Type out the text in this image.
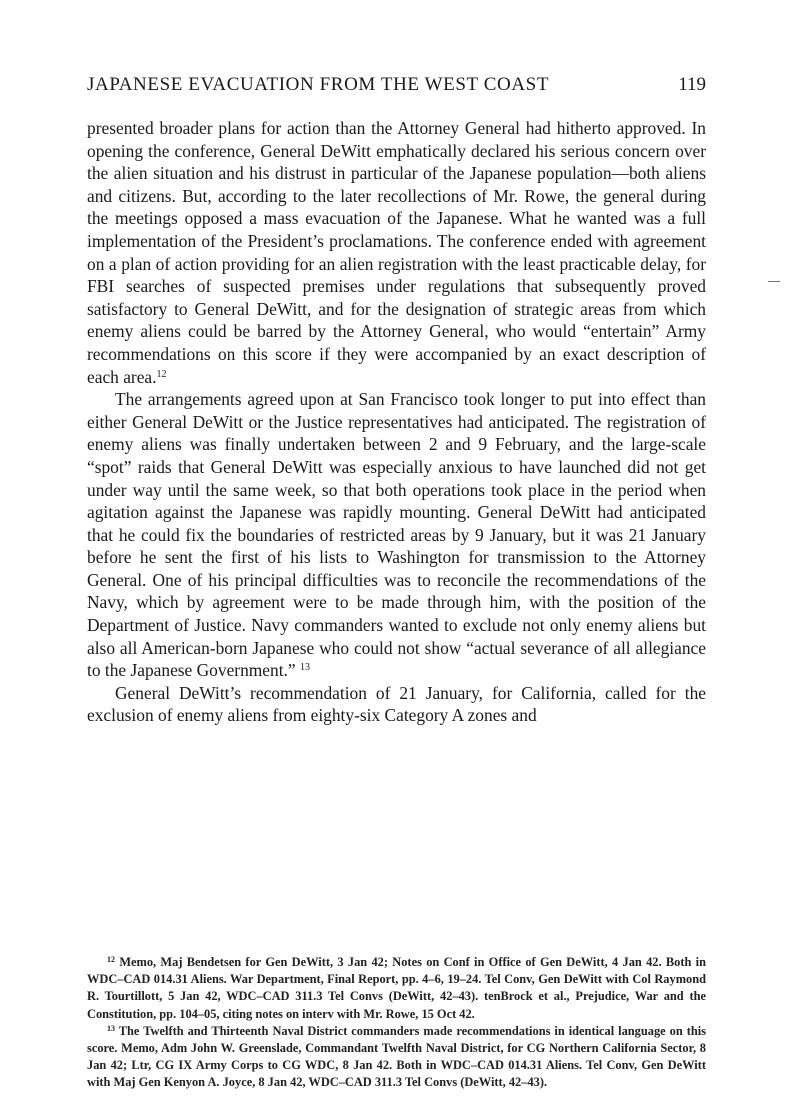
JAPANESE EVACUATION FROM THE WEST COAST	119

presented broader plans for action than the Attorney General had hitherto approved. In opening the conference, General DeWitt emphatically declared his serious concern over the alien situation and his distrust in particular of the Japanese population—both aliens and citizens. But, according to the later recollections of Mr. Rowe, the general during the meetings opposed a mass evacuation of the Japanese. What he wanted was a full implementation of the President’s proclamations. The conference ended with agreement on a plan of action providing for an alien registration with the least practicable delay, for FBI searches of suspected premises under regulations that subsequently proved satisfactory to General DeWitt, and for the designation of strategic areas from which enemy aliens could be barred by the Attorney General, who would “entertain” Army recommendations on this score if they were accompanied by an exact description of each area.$^{12}$

The arrangements agreed upon at San Francisco took longer to put into effect than either General DeWitt or the Justice representatives had anticipated. The registration of enemy aliens was finally undertaken between 2 and 9 February, and the large-scale “spot” raids that General DeWitt was especially anxious to have launched did not get under way until the same week, so that both operations took place in the period when agitation against the Japanese was rapidly mounting. General DeWitt had anticipated that he could fix the boundaries of restricted areas by 9 January, but it was 21 January before he sent the first of his lists to Washington for transmission to the Attorney General. One of his principal difficulties was to reconcile the recommendations of the Navy, which by agreement were to be made through him, with the position of the Department of Justice. Navy commanders wanted to exclude not only enemy aliens but also all American-born Japanese who could not show “actual severance of all allegiance to the Japanese Government.” $^{13}$

General DeWitt’s recommendation of 21 January, for California, called for the exclusion of enemy aliens from eighty-six Category A zones and

$^{12}$ Memo, Maj Bendetsen for Gen DeWitt, 3 Jan 42; Notes on Conf in Office of Gen DeWitt, 4 Jan 42. Both in WDC–CAD 014.31 Aliens. War Department, Final Report, pp. 4–6, 19–24. Tel Conv, Gen DeWitt with Col Raymond R. Tourtillott, 5 Jan 42, WDC–CAD 311.3 Tel Convs (DeWitt, 42–43). tenBrock et al., Prejudice, War and the Constitution, pp. 104–05, citing notes on interv with Mr. Rowe, 15 Oct 42.

$^{13}$ The Twelfth and Thirteenth Naval District commanders made recommendations in identical language on this score. Memo, Adm John W. Greenslade, Commandant Twelfth Naval District, for CG Northern California Sector, 8 Jan 42; Ltr, CG IX Army Corps to CG WDC, 8 Jan 42. Both in WDC–CAD 014.31 Aliens. Tel Conv, Gen DeWitt with Maj Gen Kenyon A. Joyce, 8 Jan 42, WDC–CAD 311.3 Tel Convs (DeWitt, 42–43).
